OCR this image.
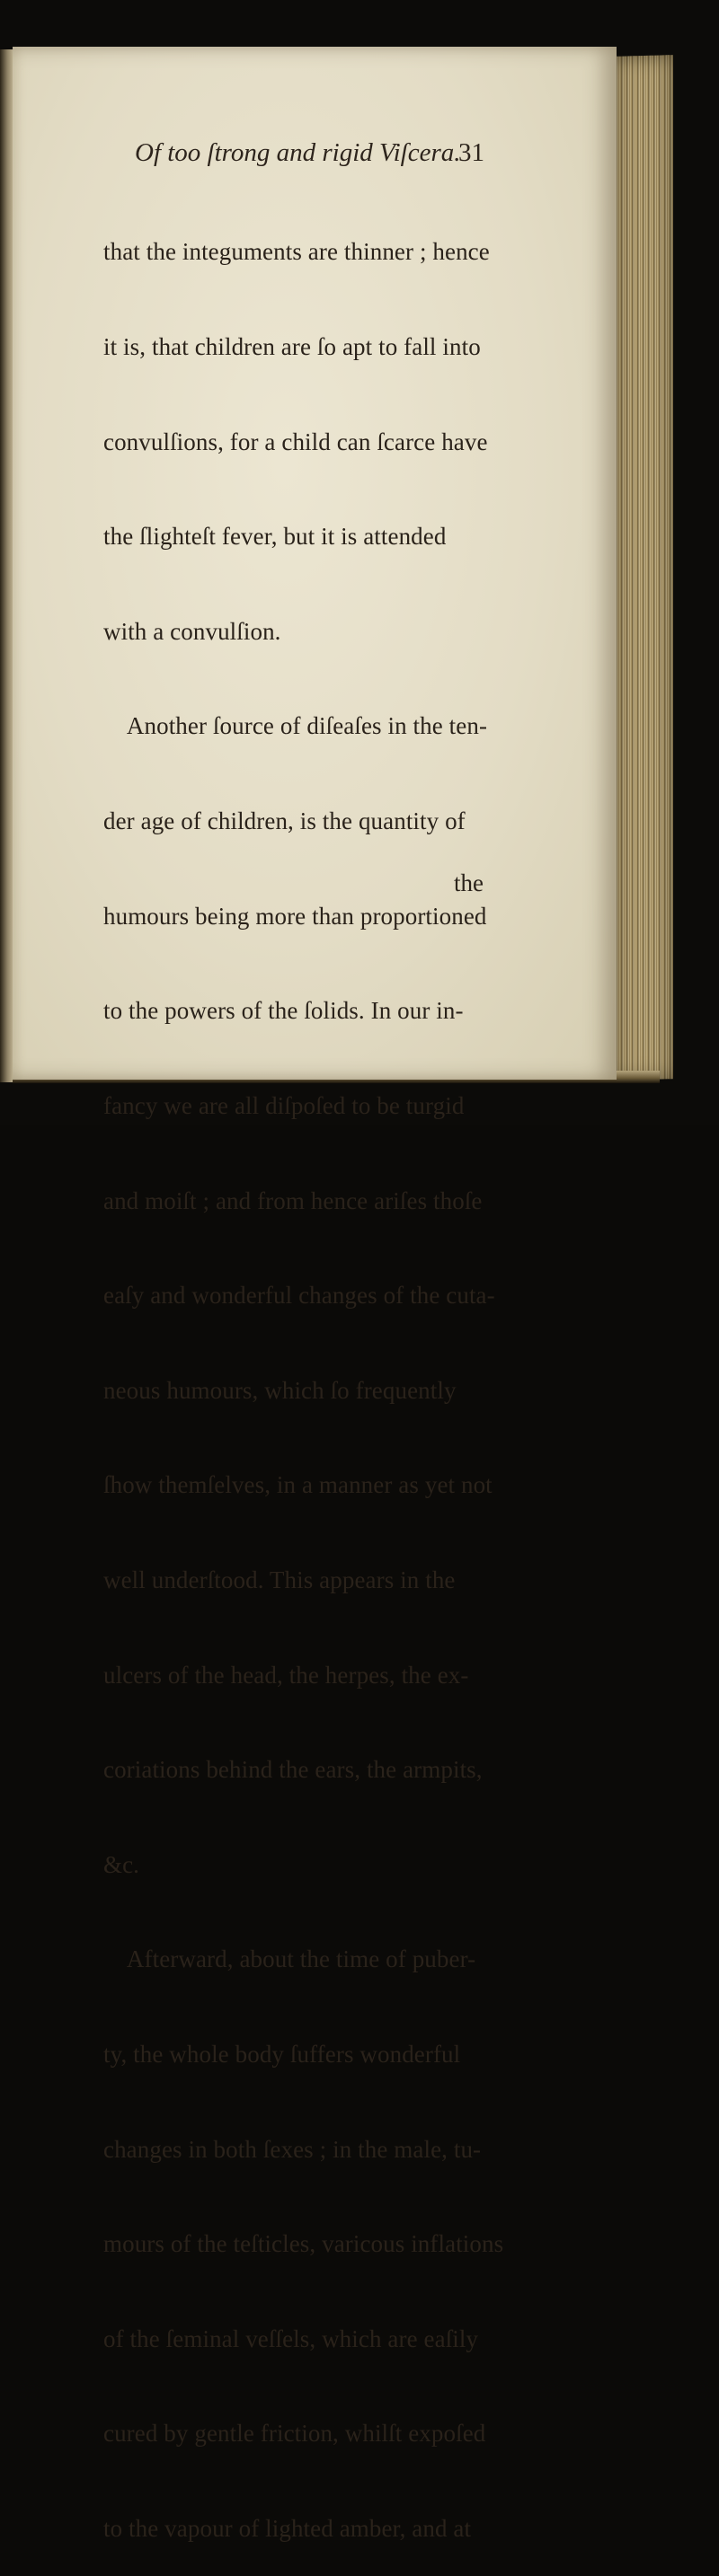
Of too ſtrong and rigid Viſcera.
31

that the integuments are thinner ; hence

it is, that children are ſo apt to fall into

convulſions, for a child can ſcarce have

the ſlighteſt fever, but it is attended

with a convulſion.

Another ſource of diſeaſes in the ten-

der age of children, is the quantity of

humours being more than proportioned

to the powers of the ſolids. In our in-

fancy we are all diſpoſed to be turgid

and moiſt ; and from hence ariſes thoſe

eaſy and wonderful changes of the cuta-

neous humours, which ſo frequently

ſhow themſelves, in a manner as yet not

well underſtood. This appears in the

ulcers of the head, the herpes, the ex-

coriations behind the ears, the armpits,

&c.

Afterward, about the time of puber-

ty, the whole body ſuffers wonderful

changes in both ſexes ; in the male, tu-

mours of the teſticles, varicous inflations

of the ſeminal veſſels, which are eaſily

cured by gentle friction, whilſt expoſed

to the vapour of lighted amber, and at

the
